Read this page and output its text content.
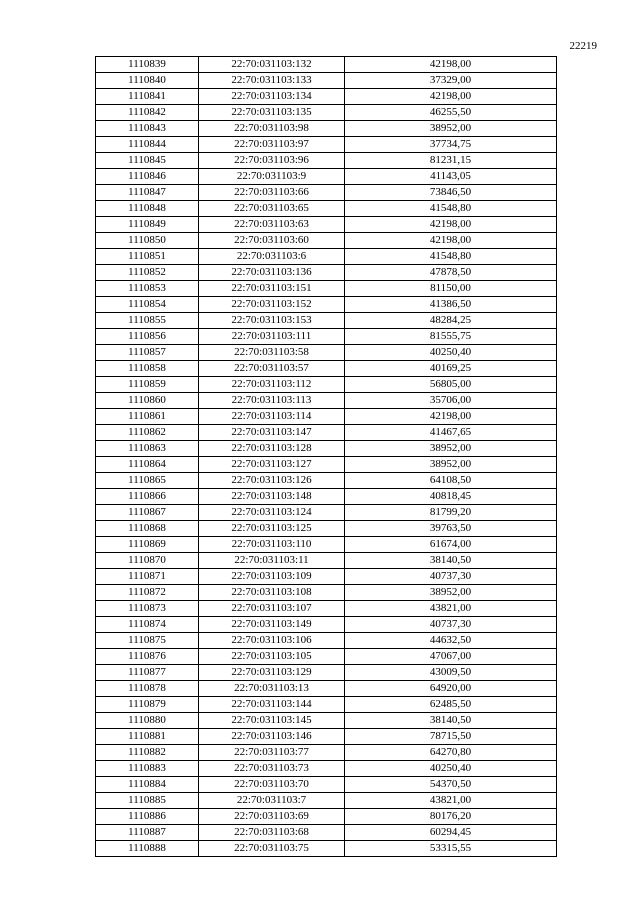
22219
1110839	22:70:031103:132	42198,00
1110840	22:70:031103:133	37329,00
1110841	22:70:031103:134	42198,00
1110842	22:70:031103:135	46255,50
1110843	22:70:031103:98	38952,00
1110844	22:70:031103:97	37734,75
1110845	22:70:031103:96	81231,15
1110846	22:70:031103:9	41143,05
1110847	22:70:031103:66	73846,50
1110848	22:70:031103:65	41548,80
1110849	22:70:031103:63	42198,00
1110850	22:70:031103:60	42198,00
1110851	22:70:031103:6	41548,80
1110852	22:70:031103:136	47878,50
1110853	22:70:031103:151	81150,00
1110854	22:70:031103:152	41386,50
1110855	22:70:031103:153	48284,25
1110856	22:70:031103:111	81555,75
1110857	22:70:031103:58	40250,40
1110858	22:70:031103:57	40169,25
1110859	22:70:031103:112	56805,00
1110860	22:70:031103:113	35706,00
1110861	22:70:031103:114	42198,00
1110862	22:70:031103:147	41467,65
1110863	22:70:031103:128	38952,00
1110864	22:70:031103:127	38952,00
1110865	22:70:031103:126	64108,50
1110866	22:70:031103:148	40818,45
1110867	22:70:031103:124	81799,20
1110868	22:70:031103:125	39763,50
1110869	22:70:031103:110	61674,00
1110870	22:70:031103:11	38140,50
1110871	22:70:031103:109	40737,30
1110872	22:70:031103:108	38952,00
1110873	22:70:031103:107	43821,00
1110874	22:70:031103:149	40737,30
1110875	22:70:031103:106	44632,50
1110876	22:70:031103:105	47067,00
1110877	22:70:031103:129	43009,50
1110878	22:70:031103:13	64920,00
1110879	22:70:031103:144	62485,50
1110880	22:70:031103:145	38140,50
1110881	22:70:031103:146	78715,50
1110882	22:70:031103:77	64270,80
1110883	22:70:031103:73	40250,40
1110884	22:70:031103:70	54370,50
1110885	22:70:031103:7	43821,00
1110886	22:70:031103:69	80176,20
1110887	22:70:031103:68	60294,45
1110888	22:70:031103:75	53315,55
